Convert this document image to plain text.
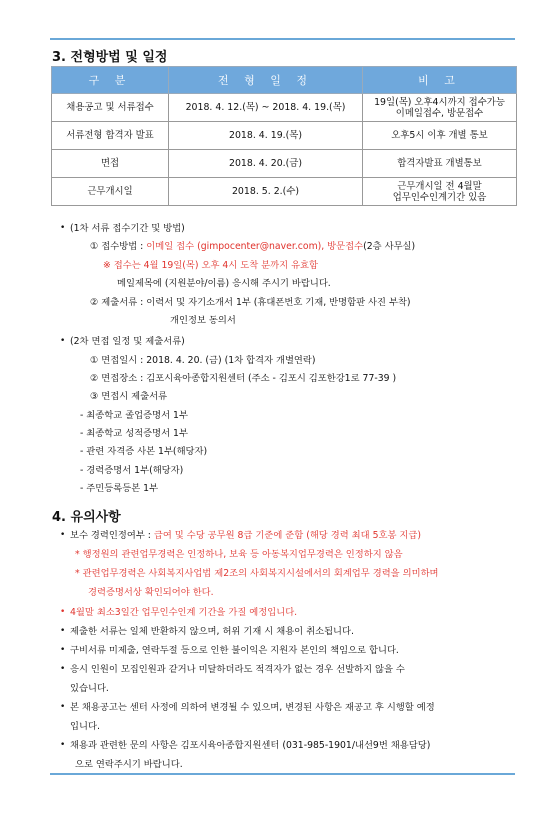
3. 전형방법 및 일정
구 분	전 형 일 정	비 고
채용공고 및 서류접수	2018. 4. 12.(목) ~ 2018. 4. 19.(목)	19일(목) 오후4시까지 접수가능
이메일접수, 방문접수
서류전형 합격자 발표	2018. 4. 19.(목)	오후5시 이후 개별 통보
면접	2018. 4. 20.(금)	합격자발표 개별통보
근무개시일	2018. 5. 2.(수)	근무개시일 전 4월말
업무인수인계기간 있음
• (1차 서류 접수기간 및 방법)
① 접수방법 : 이메일 접수 (gimpocenter@naver.com), 방문접수(2층 사무실)
※ 접수는 4월 19일(목) 오후 4시 도착 분까지 유효함
메일제목에 (지원분야/이름) 응시해 주시기 바랍니다.
② 제출서류 : 이력서 및 자기소개서 1부 (휴대폰번호 기재, 반명함판 사진 부착)
개인정보 동의서
• (2차 면접 일정 및 제출서류)
① 면접일시 : 2018. 4. 20. (금) (1차 합격자 개별연락)
② 면접장소 : 김포시육아종합지원센터 (주소 - 김포시 김포한강1로 77-39 )
③ 면접시 제출서류
- 최종학교 졸업증명서 1부
- 최종학교 성적증명서 1부
- 관련 자격증 사본 1부(해당자)
- 경력증명서 1부(해당자)
- 주민등록등본 1부
4. 유의사항
• 보수 경력인정여부 : 급여 및 수당 공무원 8급 기준에 준함 (해당 경력 최대 5호봉 지급)
* 행정원의 관련업무경력은 인정하나, 보육 등 아동복지업무경력은 인정하지 않음
* 관련업무경력은 사회복지사업법 제2조의 사회복지시설에서의 회계업무 경력을 의미하며
경력증명서상 확인되어야 한다.
• 4월말 최소3일간 업무인수인계 기간을 가질 예정입니다.
• 제출한 서류는 일체 반환하지 않으며, 허위 기재 시 채용이 취소됩니다.
• 구비서류 미제출, 연락두절 등으로 인한 불이익은 지원자 본인의 책임으로 합니다.
• 응시 인원이 모집인원과 같거나 미달하더라도 적격자가 없는 경우 선발하지 않을 수
있습니다.
• 본 채용공고는 센터 사정에 의하여 변경될 수 있으며, 변경된 사항은 재공고 후 시행할 예정
입니다.
• 채용과 관련한 문의 사항은 김포시육아종합지원센터 (031-985-1901/내선9번 채용담당)
으로 연락주시기 바랍니다.
